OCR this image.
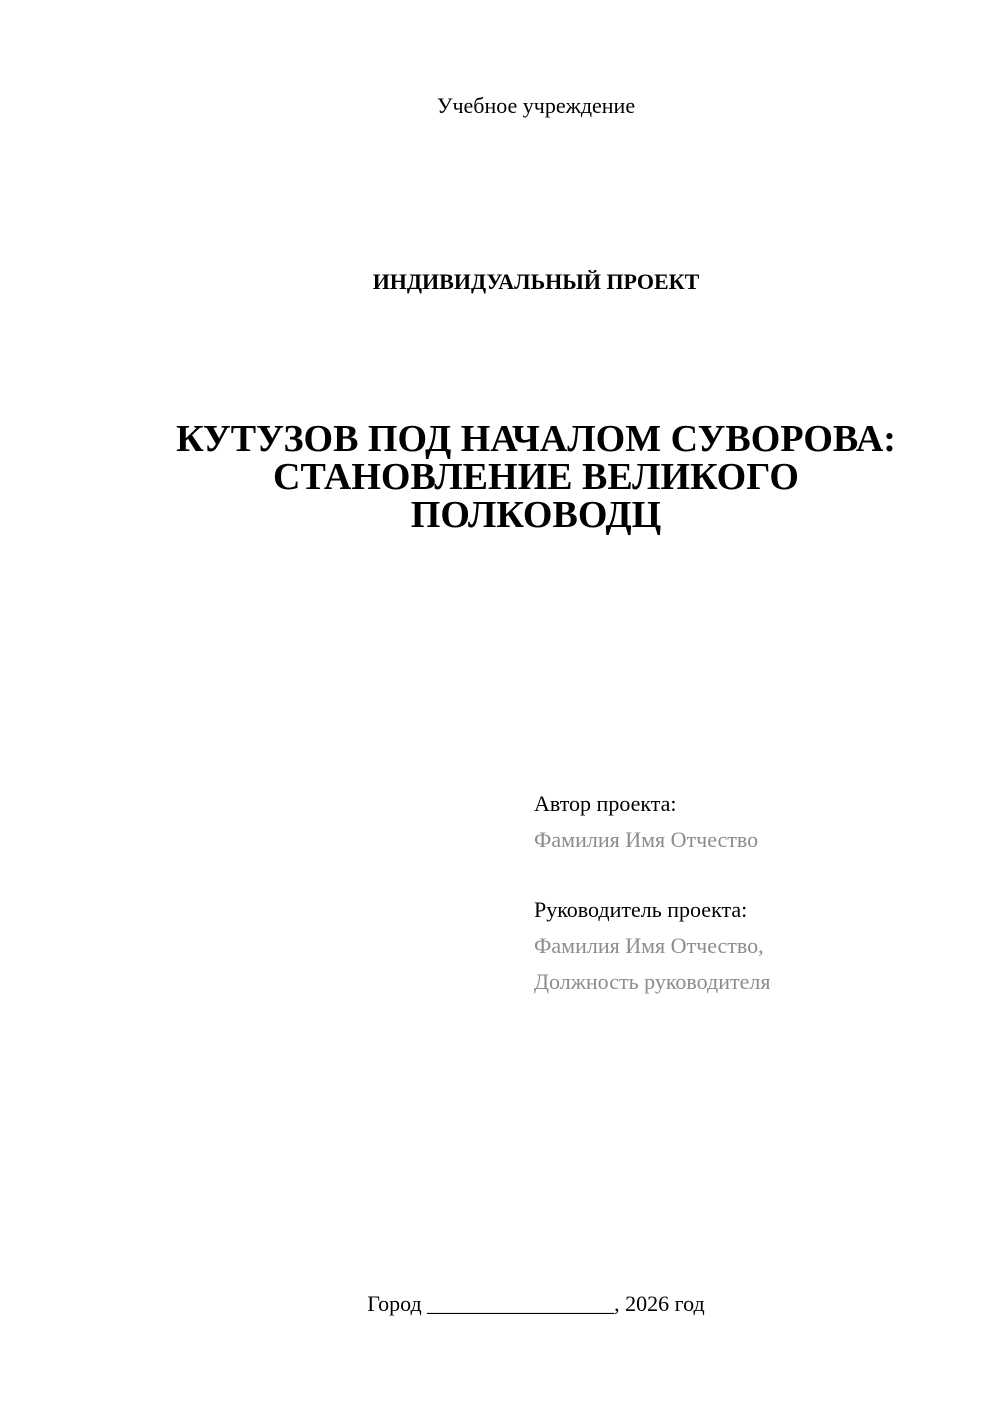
Учебное учреждение
ИНДИВИДУАЛЬНЫЙ ПРОЕКТ
КУТУЗОВ ПОД НАЧАЛОМ СУВОРОВА:
СТАНОВЛЕНИЕ ВЕЛИКОГО
ПОЛКОВОДЦ
Автор проекта:
Фамилия Имя Отчество
Руководитель проекта:
Фамилия Имя Отчество,
Должность руководителя
Город _________________, 2026 год
